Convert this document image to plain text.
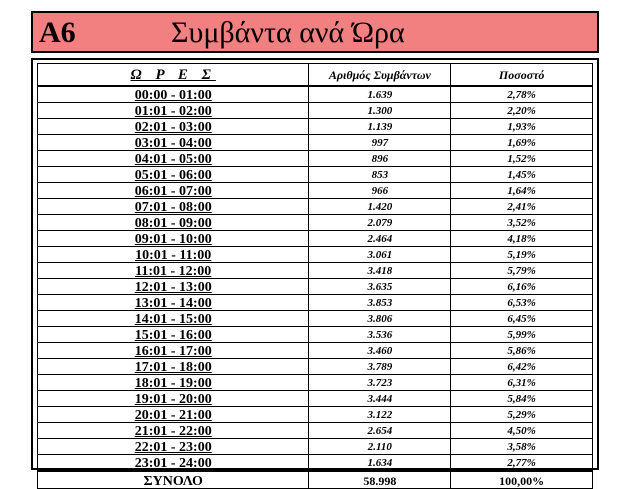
A6	Συμβάντα ανά Ώρα
Ω Ρ Ε Σ	Αριθμός Συμβάντων	Ποσοστό
00:00 - 01:00	1.639	2,78%
01:01 - 02:00	1.300	2,20%
02:01 - 03:00	1.139	1,93%
03:01 - 04:00	997	1,69%
04:01 - 05:00	896	1,52%
05:01 - 06:00	853	1,45%
06:01 - 07:00	966	1,64%
07:01 - 08:00	1.420	2,41%
08:01 - 09:00	2.079	3,52%
09:01 - 10:00	2.464	4,18%
10:01 - 11:00	3.061	5,19%
11:01 - 12:00	3.418	5,79%
12:01 - 13:00	3.635	6,16%
13:01 - 14:00	3.853	6,53%
14:01 - 15:00	3.806	6,45%
15:01 - 16:00	3.536	5,99%
16:01 - 17:00	3.460	5,86%
17:01 - 18:00	3.789	6,42%
18:01 - 19:00	3.723	6,31%
19:01 - 20:00	3.444	5,84%
20:01 - 21:00	3.122	5,29%
21:01 - 22:00	2.654	4,50%
22:01 - 23:00	2.110	3,58%
23:01 - 24:00	1.634	2,77%
ΣΥΝΟΛΟ	58.998	100,00%
